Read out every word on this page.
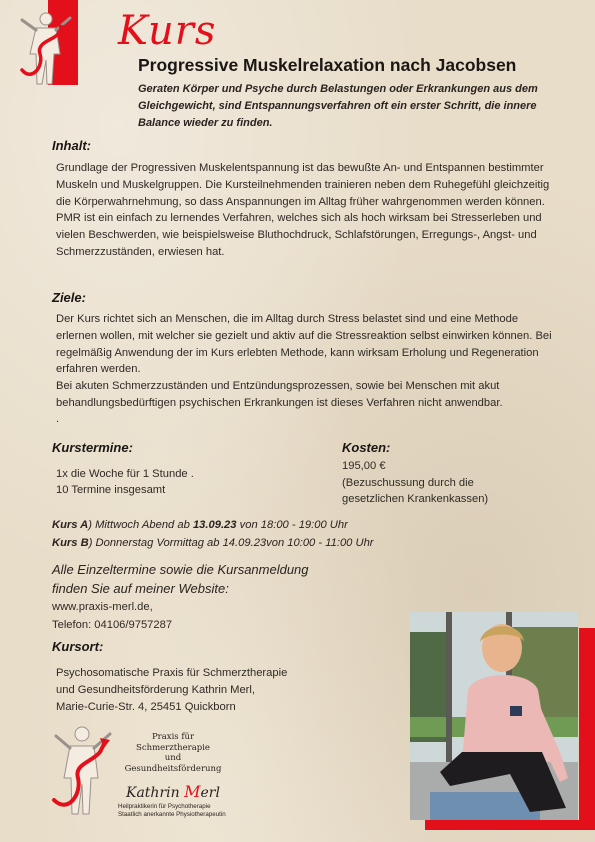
Kurs
Progressive Muskelrelaxation nach Jacobsen
Geraten Körper und Psyche durch Belastungen oder Erkrankungen aus dem Gleichgewicht, sind Entspannungsverfahren oft ein erster Schritt, die innere Balance wieder zu finden.
Inhalt:
Grundlage der Progressiven Muskelentspannung ist das bewußte An- und Entspannen bestimmter Muskeln und Muskelgruppen. Die Kursteilnehmenden trainieren neben dem Ruhegefühl gleichzeitig die Körperwahrnehmung, so dass Anspannungen im Alltag früher wahrgenommen werden können. PMR ist ein einfach zu lernendes Verfahren, welches sich als hoch wirksam bei Stresserleben und vielen Beschwerden, wie beispielsweise Bluthochdruck, Schlafstörungen, Erregungs-, Angst- und Schmerzzuständen, erwiesen hat.
Ziele:
Der Kurs richtet sich an Menschen, die im Alltag durch Stress belastet sind und eine Methode erlernen wollen, mit welcher sie gezielt und aktiv auf die Stressreaktion selbst einwirken können. Bei regelmäßig Anwendung der im Kurs erlebten Methode, kann wirksam Erholung und Regeneration erfahren werden.
Bei akuten Schmerzzuständen und Entzündungsprozessen, sowie bei Menschen mit akut behandlungsbedürftigen psychischen Erkrankungen ist dieses Verfahren nicht anwendbar.
.
Kurstermine:
1x die Woche für 1 Stunde .
10 Termine insgesamt
Kosten:
195,00 €
(Bezuschussung durch die
gesetzlichen Krankenkassen)
Kurs A) Mittwoch Abend ab 13.09.23 von 18:00 - 19:00 Uhr
Kurs B) Donnerstag Vormittag ab 14.09.23von 10:00 - 11:00 Uhr
Alle Einzeltermine sowie die Kursanmeldung
finden Sie auf meiner Website:
www.praxis-merl.de,
Telefon: 04106/9757287
Kursort:
Psychosomatische Praxis für Schmerztherapie
und Gesundheitsförderung Kathrin Merl,
Marie-Curie-Str. 4, 25451 Quickborn
Praxis für
Schmerztherapie
und
Gesundheitsförderung
Kathrin Merl
Heilpraktikerin für Psychotherapie
Staatlich anerkannte Physiotherapeutin
